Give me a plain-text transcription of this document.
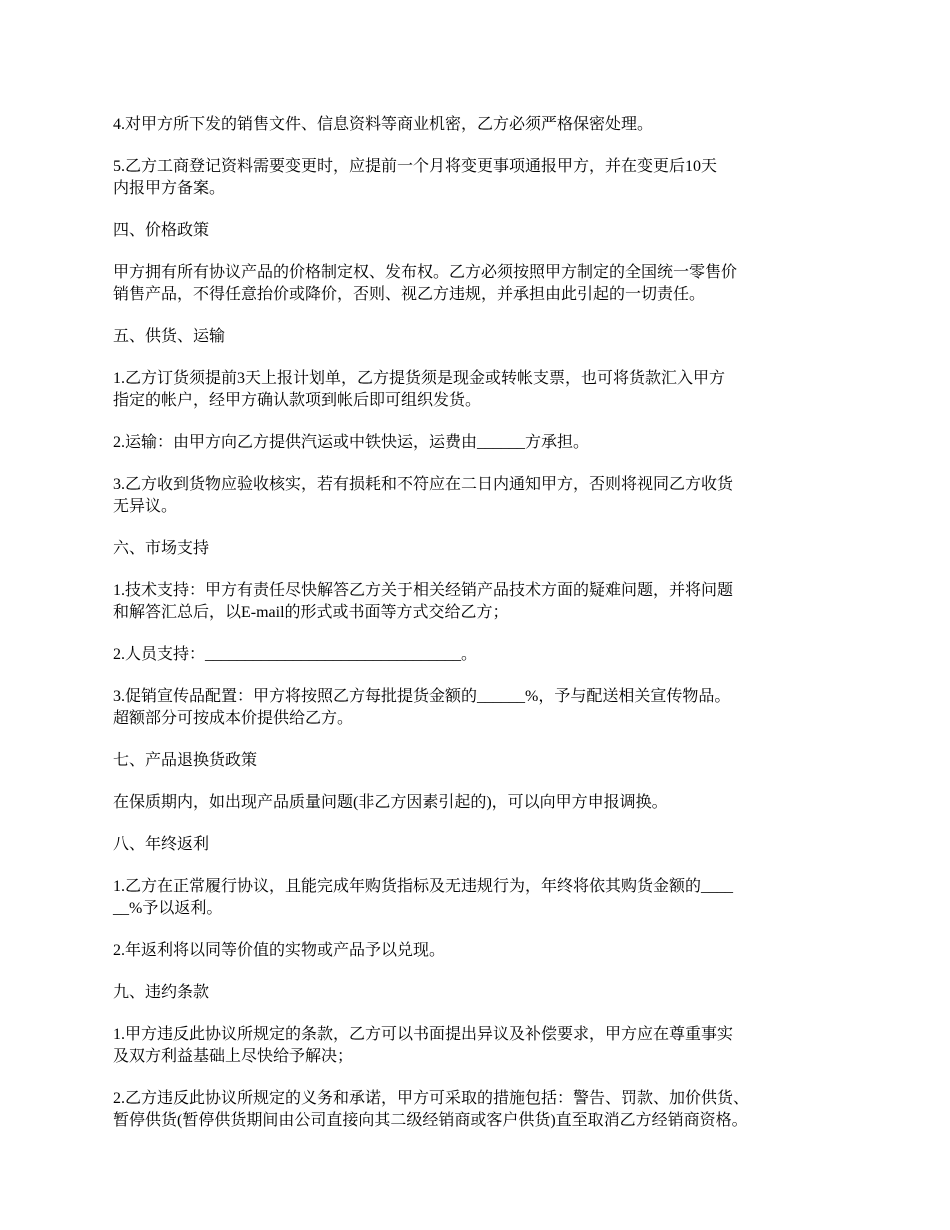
4.对甲方所下发的销售文件、信息资料等商业机密，乙方必须严格保密处理。

5.乙方工商登记资料需要变更时，应提前一个月将变更事项通报甲方，并在变更后10天
内报甲方备案。

四、价格政策

甲方拥有所有协议产品的价格制定权、发布权。乙方必须按照甲方制定的全国统一零售价
销售产品，不得任意抬价或降价，否则、视乙方违规，并承担由此引起的一切责任。

五、供货、运输

1.乙方订货须提前3天上报计划单，乙方提货须是现金或转帐支票，也可将货款汇入甲方
指定的帐户，经甲方确认款项到帐后即可组织发货。

2.运输：由甲方向乙方提供汽运或中铁快运，运费由______方承担。

3.乙方收到货物应验收核实，若有损耗和不符应在二日内通知甲方，否则将视同乙方收货
无异议。

六、市场支持

1.技术支持：甲方有责任尽快解答乙方关于相关经销产品技术方面的疑难问题，并将问题
和解答汇总后，以E-mail的形式或书面等方式交给乙方；

2.人员支持：________________________________。

3.促销宣传品配置：甲方将按照乙方每批提货金额的______%，予与配送相关宣传物品。
超额部分可按成本价提供给乙方。

七、产品退换货政策

在保质期内，如出现产品质量问题(非乙方因素引起的)，可以向甲方申报调换。

八、年终返利

1.乙方在正常履行协议，且能完成年购货指标及无违规行为，年终将依其购货金额的____
__%予以返利。

2.年返利将以同等价值的实物或产品予以兑现。

九、违约条款

1.甲方违反此协议所规定的条款，乙方可以书面提出异议及补偿要求，甲方应在尊重事实
及双方利益基础上尽快给予解决；

2.乙方违反此协议所规定的义务和承诺，甲方可采取的措施包括：警告、罚款、加价供货、
暂停供货(暂停供货期间由公司直接向其二级经销商或客户供货)直至取消乙方经销商资格。
